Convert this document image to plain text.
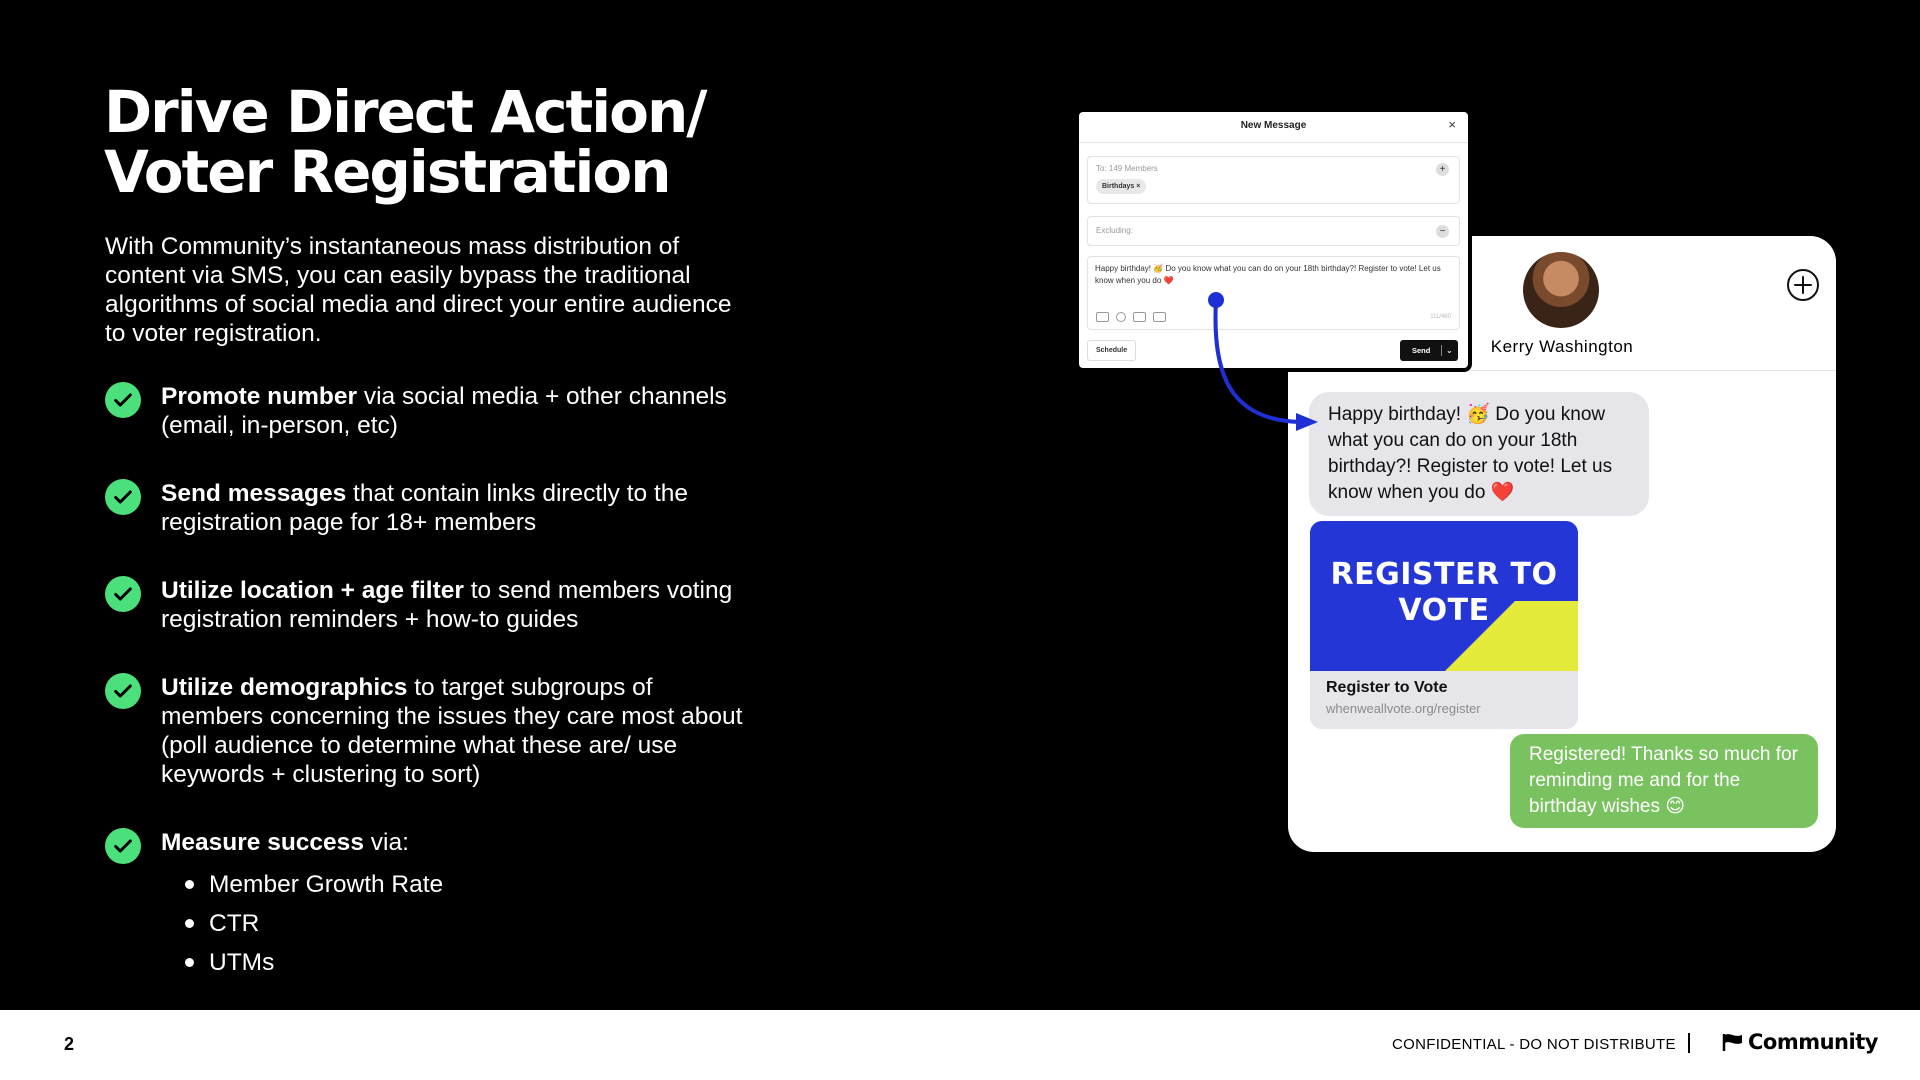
Drive Direct Action/
Voter Registration
With Community’s instantaneous mass distribution of content via SMS, you can easily bypass the traditional algorithms of social media and direct your entire audience to voter registration.
Promote number via social media + other channels (email, in-person, etc)
Send messages that contain links directly to the registration page for 18+ members
Utilize location + age filter to send members voting registration reminders + how-to guides
Utilize demographics to target subgroups of members concerning the issues they care most about (poll audience to determine what these are/ use keywords + clustering to sort)
Measure success via:
Member Growth Rate
CTR
UTMs
Kerry Washington
Happy birthday! 🥳 Do you know what you can do on your 18th birthday?! Register to vote! Let us know when you do ❤️
REGISTER TO VOTE
Register to Vote
whenweallvote.org/register
Registered! Thanks so much for reminding me and for the birthday wishes 😊
New Message	×
To: 149 Members
Birthdays ×
+
Excluding:	−
Happy birthday! 🥳 Do you know what you can do on your 18th birthday?! Register to vote! Let us know when you do ❤️
111/480
Schedule	Send ⌄
2	CONFIDENTIAL - DO NOT DISTRIBUTE	Community
